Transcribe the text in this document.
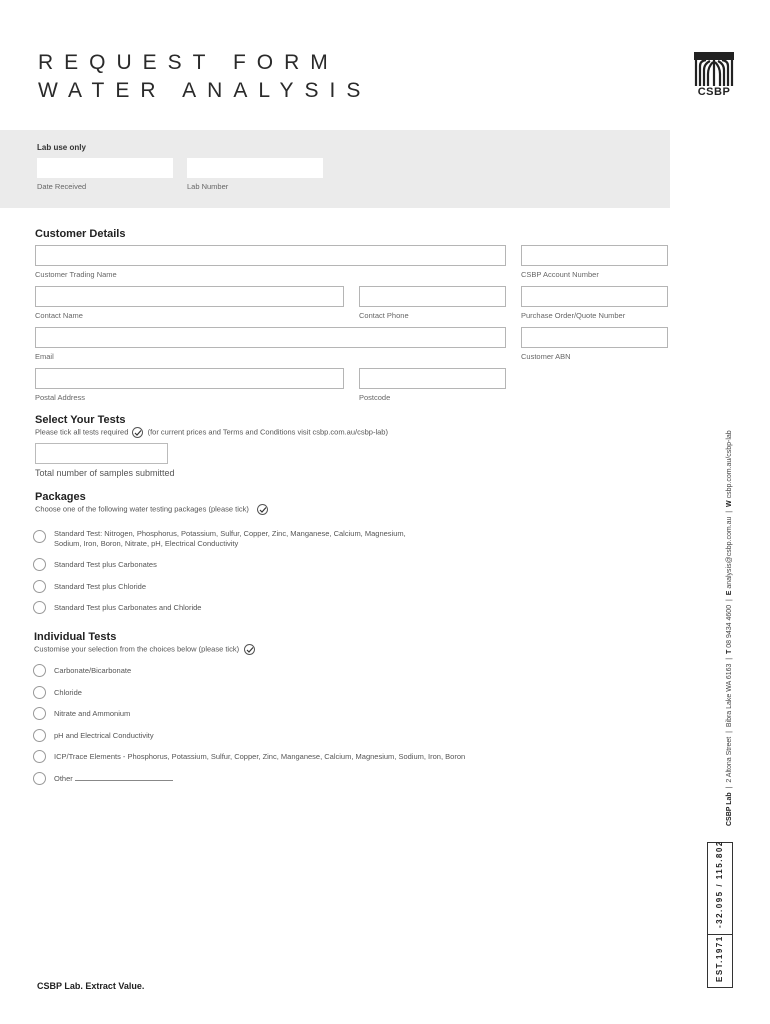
REQUEST FORM
WATER ANALYSIS	CSBP
Lab use only
Date Received	Lab Number
Customer Details
Customer Trading Name	CSBP Account Number
Contact Name	Contact Phone	Purchase Order/Quote Number
Email	Customer ABN
Postal Address	Postcode
Select Your Tests
Please tick all tests required	(for current prices and Terms and Conditions visit csbp.com.au/csbp-lab)
Total number of samples submitted
Packages
Choose one of the following water testing packages (please tick)
Standard Test: Nitrogen, Phosphorus, Potassium, Sulfur, Copper, Zinc, Manganese, Calcium, Magnesium,
Sodium, Iron, Boron, Nitrate, pH, Electrical Conductivity
Standard Test plus Carbonates
Standard Test plus Chloride
Standard Test plus Carbonates and Chloride
Individual Tests
Customise your selection from the choices below (please tick)
Carbonate/Bicarbonate
Chloride
Nitrate and Ammonium
pH and Electrical Conductivity
ICP/Trace Elements - Phosphorus, Potassium, Sulfur, Copper, Zinc, Manganese, Calcium, Magnesium, Sodium, Iron, Boron
Other
CSBP Lab  |  2 Altona Street  |  Bibra Lake WA 6163  |  T 08 9434 4600  |  E analysis@csbp.com.au  |  W csbp.com.au/csbp-lab
-32.095 / 115.802
EST.1971
CSBP Lab. Extract Value.
